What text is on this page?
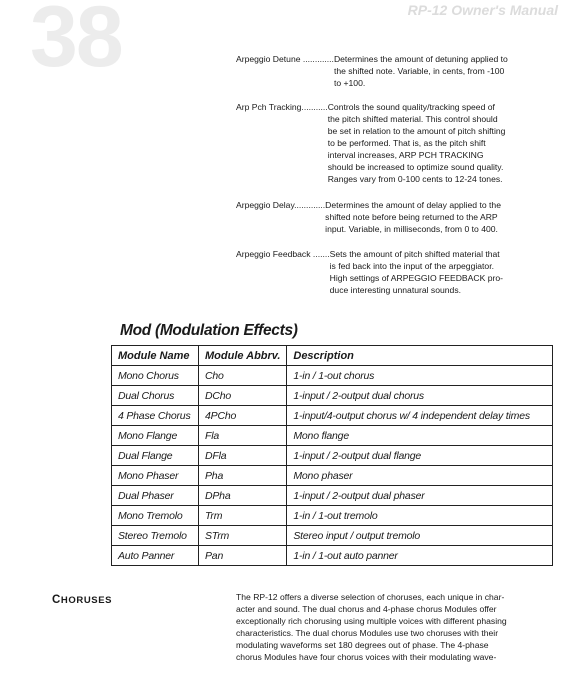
38	RP-12 Owner's Manual
Arpeggio Detune ............. Determines the amount of detuning applied to
the shifted note. Variable, in cents, from -100
to +100.
Arp Pch Tracking........... Controls the sound quality/tracking speed of
the pitch shifted material. This control should
be set in relation to the amount of pitch shifting
to be performed. That is, as the pitch shift
interval increases, ARP PCH TRACKING
should be increased to optimize sound quality.
Ranges vary from 0-100 cents to 12-24 tones.
Arpeggio Delay............. Determines the amount of delay applied to the
shifted note before being returned to the ARP
input. Variable, in milliseconds, from 0 to 400.
Arpeggio Feedback ....... Sets the amount of pitch shifted material that
is fed back into the input of the arpeggiator.
High settings of ARPEGGIO FEEDBACK pro-
duce interesting unnatural sounds.
Mod (Modulation Effects)
Module Name	Module Abbrv.	Description
Mono Chorus	Cho	1-in / 1-out chorus
Dual Chorus	DCho	1-input / 2-output dual chorus
4 Phase Chorus	4PCho	1-input/4-output chorus w/ 4 independent delay times
Mono Flange	Fla	Mono flange
Dual Flange	DFla	1-input / 2-output dual flange
Mono Phaser	Pha	Mono phaser
Dual Phaser	DPha	1-input / 2-output dual phaser
Mono Tremolo	Trm	1-in / 1-out tremolo
Stereo Tremolo	STrm	Stereo input / output tremolo
Auto Panner	Pan	1-in / 1-out auto panner
CHORUSES	The RP-12 offers a diverse selection of choruses, each unique in char-
acter and sound. The dual chorus and 4-phase chorus Modules offer
exceptionally rich chorusing using multiple voices with different phasing
characteristics. The dual chorus Modules use two choruses with their
modulating waveforms set 180 degrees out of phase. The 4-phase
chorus Modules have four chorus voices with their modulating wave-
